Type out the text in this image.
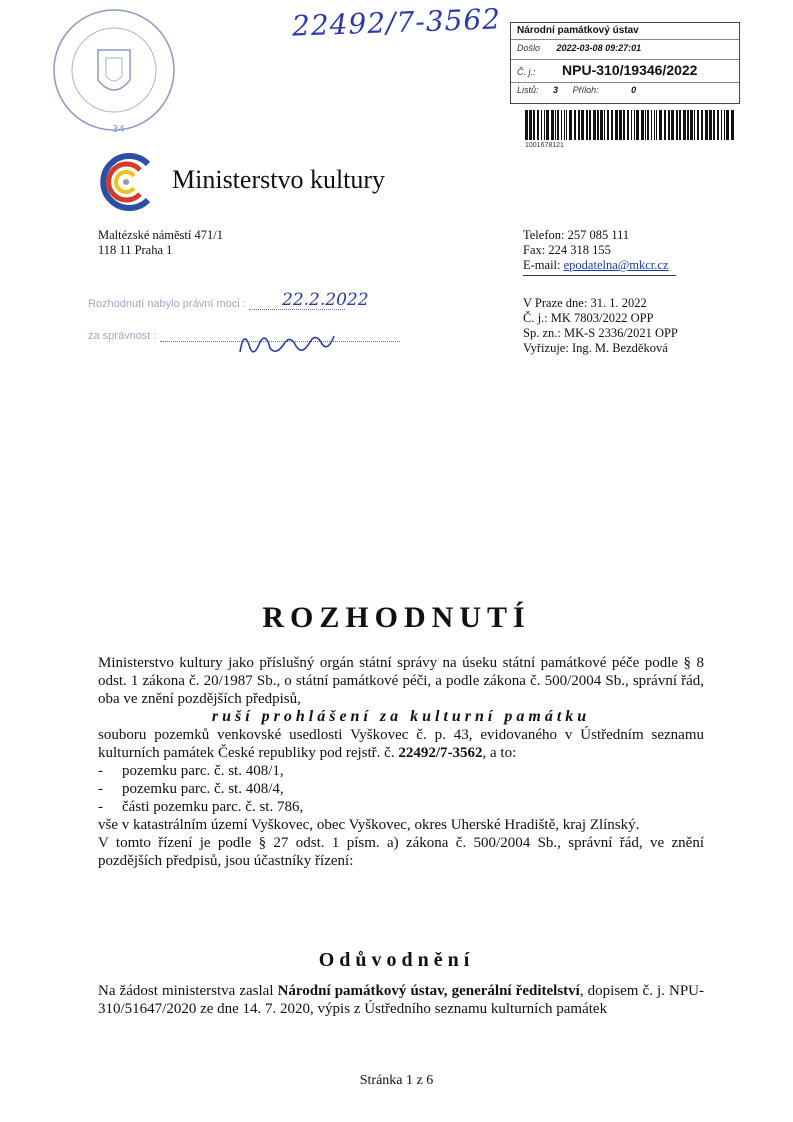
22492/7-3562
34
Národní památkový ústav
Došlo 2022-03-08 09:27:01
Č. j.: NPU-310/19346/2022
Listů: 3 Příloh:	0
1001678121
Ministerstvo kultury
Maltézské náměstí 471/1
118 11 Praha 1
Telefon: 257 085 111
Fax: 224 318 155
E-mail: epodatelna@mkcr.cz
Rozhodnutí nabylo právní moci :
za správnost :
22.2.2022	V Praze dne: 31. 1. 2022
Č. j.: MK 7803/2022 OPP
Sp. zn.: MK-S 2336/2021 OPP
Vyřizuje: Ing. M. Bezděková
ROZHODNUTÍ

Ministerstvo kultury jako příslušný orgán státní správy na úseku státní památkové péče podle § 8 odst. 1 zákona č. 20/1987 Sb., o státní památkové péči, a podle zákona č. 500/2004 Sb., správní řád, oba ve znění pozdějších předpisů,

ruší prohlášení za kulturní památku

souboru pozemků venkovské usedlosti Vyškovec č. p. 43, evidovaného v Ústředním seznamu kulturních památek České republiky pod rejstř. č. 22492/7-3562, a to:

- pozemku parc. č. st. 408/1,
- pozemku parc. č. st. 408/4,
- části pozemku parc. č. st. 786,

vše v katastrálním území Vyškovec, obec Vyškovec, okres Uherské Hradiště, kraj Zlínský.

V tomto řízení je podle § 27 odst. 1 písm. a) zákona č. 500/2004 Sb., správní řád, ve znění pozdějších předpisů, jsou účastníky řízení:

Odůvodnění

Na žádost ministerstva zaslal Národní památkový ústav, generální ředitelství, dopisem č. j. NPU-310/51647/2020 ze dne 14. 7. 2020, výpis z Ústředního seznamu kulturních památek

Stránka 1 z 6
